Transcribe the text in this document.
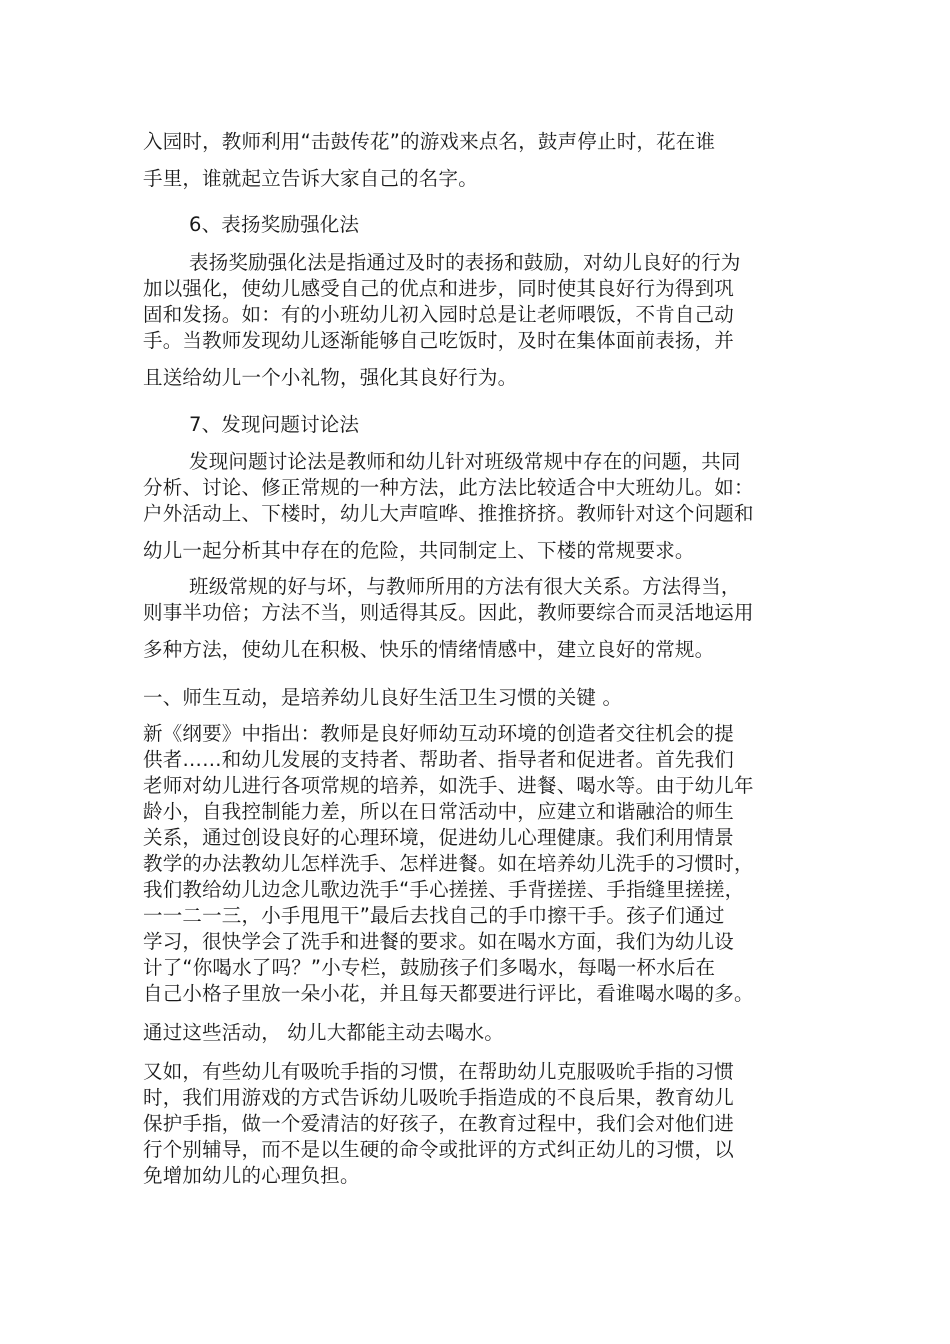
入园时，教师利用“击鼓传花”的游戏来点名，鼓声停止时，花在谁
手里，谁就起立告诉大家自己的名字。
6、表扬奖励强化法
表扬奖励强化法是指通过及时的表扬和鼓励，对幼儿良好的行为
加以强化，使幼儿感受自己的优点和进步，同时使其良好行为得到巩
固和发扬。如：有的小班幼儿初入园时总是让老师喂饭，不肯自己动
手。当教师发现幼儿逐渐能够自己吃饭时，及时在集体面前表扬，并
且送给幼儿一个小礼物，强化其良好行为。
7、发现问题讨论法
发现问题讨论法是教师和幼儿针对班级常规中存在的问题，共同
分析、讨论、修正常规的一种方法，此方法比较适合中大班幼儿。如：
户外活动上、下楼时，幼儿大声喧哗、推推挤挤。教师针对这个问题和
幼儿一起分析其中存在的危险，共同制定上、下楼的常规要求。
班级常规的好与坏，与教师所用的方法有很大关系。方法得当，
则事半功倍；方法不当，则适得其反。因此，教师要综合而灵活地运用
多种方法，使幼儿在积极、快乐的情绪情感中，建立良好的常规。
一、师生互动，是培养幼儿良好生活卫生习惯的关键 。
新《纲要》中指出：教师是良好师幼互动环境的创造者交往机会的提
供者……和幼儿发展的支持者、帮助者、指导者和促进者。首先我们
老师对幼儿进行各项常规的培养，如洗手、进餐、喝水等。由于幼儿年
龄小，自我控制能力差，所以在日常活动中，应建立和谐融洽的师生
关系，通过创设良好的心理环境，促进幼儿心理健康。我们利用情景
教学的办法教幼儿怎样洗手、怎样进餐。如在培养幼儿洗手的习惯时，
我们教给幼儿边念儿歌边洗手“手心搓搓、手背搓搓、手指缝里搓搓，
一一二一三，小手甩甩干”最后去找自己的手巾擦干手。孩子们通过
学习，很快学会了洗手和进餐的要求。如在喝水方面，我们为幼儿设
计了“你喝水了吗？”小专栏，鼓励孩子们多喝水，每喝一杯水后在
自己小格子里放一朵小花，并且每天都要进行评比，看谁喝水喝的多。
通过这些活动， 幼儿大都能主动去喝水。
又如，有些幼儿有吸吮手指的习惯，在帮助幼儿克服吸吮手指的习惯
时，我们用游戏的方式告诉幼儿吸吮手指造成的不良后果，教育幼儿
保护手指，做一个爱清洁的好孩子，在教育过程中，我们会对他们进
行个别辅导，而不是以生硬的命令或批评的方式纠正幼儿的习惯，以
免增加幼儿的心理负担。
